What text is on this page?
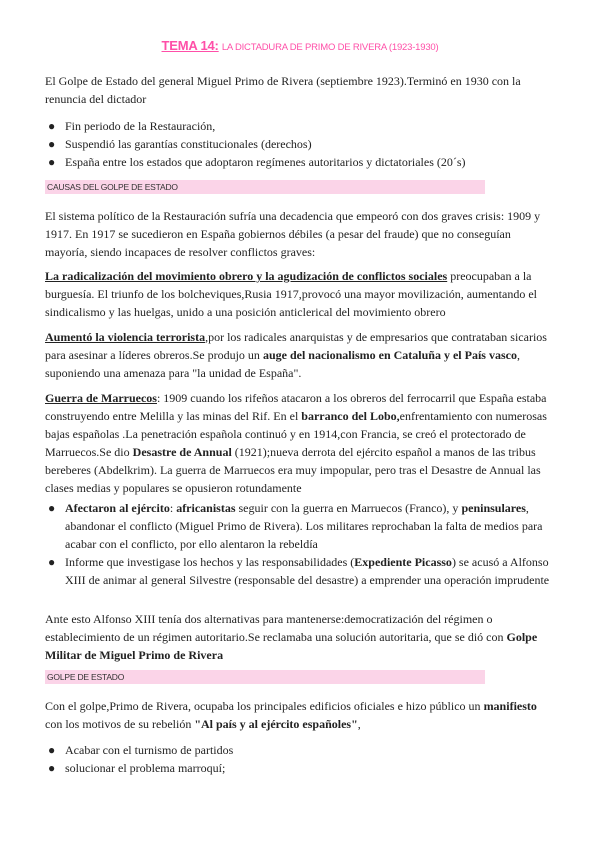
TEMA 14: LA DICTADURA DE PRIMO DE RIVERA (1923-1930)
El Golpe de Estado del general Miguel Primo de Rivera (septiembre 1923).Terminó en 1930 con la renuncia del dictador
● Fin periodo de la Restauración,
● Suspendió las garantías constitucionales (derechos)
● España entre los estados que adoptaron regímenes autoritarios y dictatoriales (20´s)
CAUSAS DEL GOLPE DE ESTADO
El sistema político de la Restauración sufría una decadencia que empeoró con dos graves crisis: 1909 y 1917. En 1917 se sucedieron en España gobiernos débiles (a pesar del fraude) que no conseguían mayoría, siendo incapaces de resolver conflictos graves:
La radicalización del movimiento obrero y la agudización de conflictos sociales preocupaban a la burguesía. El triunfo de los bolcheviques,Rusia 1917,provocó una mayor movilización, aumentando el sindicalismo y las huelgas, unido a una posición anticlerical del movimiento obrero
Aumentó la violencia terrorista,por los radicales anarquistas y de empresarios que contrataban sicarios para asesinar a líderes obreros.Se produjo un auge del nacionalismo en Cataluña y el País vasco, suponiendo una amenaza para "la unidad de España".
Guerra de Marruecos: 1909 cuando los rifeños atacaron a los obreros del ferrocarril que España estaba construyendo entre Melilla y las minas del Rif. En el barranco del Lobo,enfrentamiento con numerosas bajas españolas .La penetración española continuó y en 1914,con Francia, se creó el protectorado de Marruecos.Se dio Desastre de Annual (1921);nueva derrota del ejército español a manos de las tribus bereberes (Abdelkrim). La guerra de Marruecos era muy impopular, pero tras el Desastre de Annual las clases medias y populares se opusieron rotundamente
● Afectaron al ejército: africanistas seguir con la guerra en Marruecos (Franco), y peninsulares, abandonar el conflicto (Miguel Primo de Rivera). Los militares reprochaban la falta de medios para acabar con el conflicto, por ello alentaron la rebeldía
● Informe que investigase los hechos y las responsabilidades (Expediente Picasso) se acusó a Alfonso XIII de animar al general Silvestre (responsable del desastre) a emprender una operación imprudente
Ante esto Alfonso XIII tenía dos alternativas para mantenerse:democratización del régimen o establecimiento de un régimen autoritario.Se reclamaba una solución autoritaria, que se dió con Golpe Militar de Miguel Primo de Rivera
GOLPE DE ESTADO
Con el golpe,Primo de Rivera, ocupaba los principales edificios oficiales e hizo público un manifiesto con los motivos de su rebelión "Al país y al ejército españoles",
● Acabar con el turnismo de partidos
● solucionar el problema marroquí;
